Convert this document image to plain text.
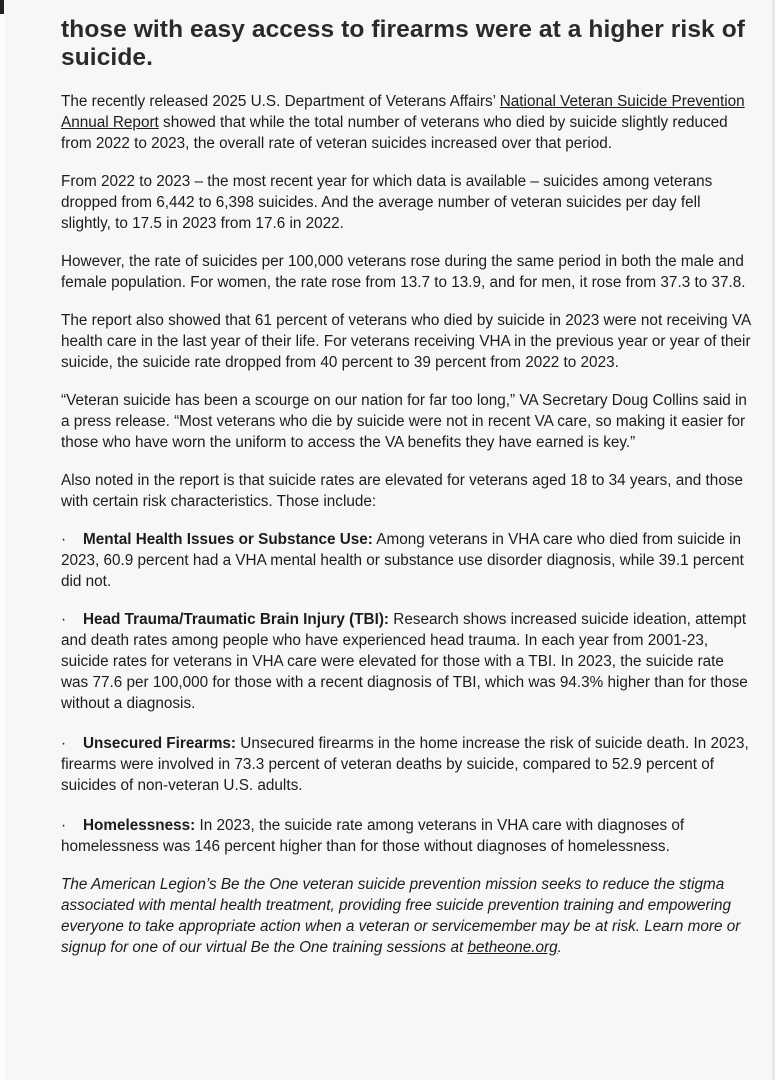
those with easy access to firearms were at a higher risk of suicide.

The recently released 2025 U.S. Department of Veterans Affairs’ National Veteran Suicide Prevention Annual Report showed that while the total number of veterans who died by suicide slightly reduced from 2022 to 2023, the overall rate of veteran suicides increased over that period.

From 2022 to 2023 – the most recent year for which data is available – suicides among veterans dropped from 6,442 to 6,398 suicides. And the average number of veteran suicides per day fell slightly, to 17.5 in 2023 from 17.6 in 2022.

However, the rate of suicides per 100,000 veterans rose during the same period in both the male and female population. For women, the rate rose from 13.7 to 13.9, and for men, it rose from 37.3 to 37.8.

The report also showed that 61 percent of veterans who died by suicide in 2023 were not receiving VA health care in the last year of their life. For veterans receiving VHA in the previous year or year of their suicide, the suicide rate dropped from 40 percent to 39 percent from 2022 to 2023.

“Veteran suicide has been a scourge on our nation for far too long,” VA Secretary Doug Collins said in a press release. “Most veterans who die by suicide were not in recent VA care, so making it easier for those who have worn the uniform to access the VA benefits they have earned is key.”

Also noted in the report is that suicide rates are elevated for veterans aged 18 to 34 years, and those with certain risk characteristics. Those include:

· Mental Health Issues or Substance Use: Among veterans in VHA care who died from suicide in 2023, 60.9 percent had a VHA mental health or substance use disorder diagnosis, while 39.1 percent did not.

· Head Trauma/Traumatic Brain Injury (TBI): Research shows increased suicide ideation, attempt and death rates among people who have experienced head trauma. In each year from 2001-23, suicide rates for veterans in VHA care were elevated for those with a TBI. In 2023, the suicide rate was 77.6 per 100,000 for those with a recent diagnosis of TBI, which was 94.3% higher than for those without a diagnosis.

· Unsecured Firearms: Unsecured firearms in the home increase the risk of suicide death. In 2023, firearms were involved in 73.3 percent of veteran deaths by suicide, compared to 52.9 percent of suicides of non-veteran U.S. adults.

· Homelessness: In 2023, the suicide rate among veterans in VHA care with diagnoses of homelessness was 146 percent higher than for those without diagnoses of homelessness.

The American Legion’s Be the One veteran suicide prevention mission seeks to reduce the stigma associated with mental health treatment, providing free suicide prevention training and empowering everyone to take appropriate action when a veteran or servicemember may be at risk. Learn more or signup for one of our virtual Be the One training sessions at betheone.org.
